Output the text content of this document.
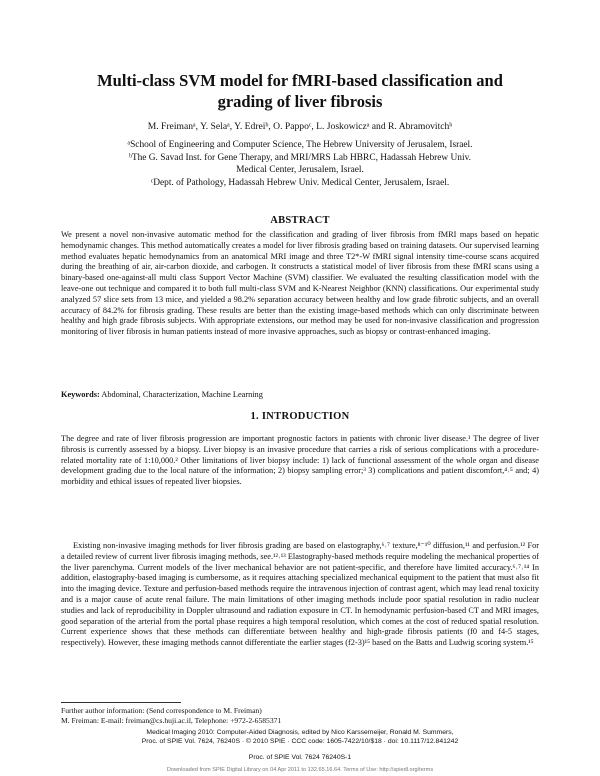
Multi-class SVM model for fMRI-based classification and
grading of liver fibrosis
M. Freimanᵃ, Y. Selaᵃ, Y. Edreiᵇ, O. Pappoᶜ, L. Joskowiczᵃ and R. Abramovitchᵇ
ᵃSchool of Engineering and Computer Science, The Hebrew University of Jerusalem, Israel.
ᵇThe G. Savad Inst. for Gene Therapy, and MRI/MRS Lab HBRC, Hadassah Hebrew Univ.
Medical Center, Jerusalem, Israel.
ᶜDept. of Pathology, Hadassah Hebrew Univ. Medical Center, Jerusalem, Israel.
ABSTRACT

We present a novel non-invasive automatic method for the classification and grading of liver fibrosis from fMRI maps based on hepatic hemodynamic changes. This method automatically creates a model for liver fibrosis grading based on training datasets. Our supervised learning method evaluates hepatic hemodynamics from an anatomical MRI image and three T2*-W fMRI signal intensity time-course scans acquired during the breathing of air, air-carbon dioxide, and carbogen. It constructs a statistical model of liver fibrosis from these fMRI scans using a binary-based one-against-all multi class Support Vector Machine (SVM) classifier. We evaluated the resulting classification model with the leave-one out technique and compared it to both full multi-class SVM and K-Nearest Neighbor (KNN) classifications. Our experimental study analyzed 57 slice sets from 13 mice, and yielded a 98.2% separation accuracy between healthy and low grade fibrotic subjects, and an overall accuracy of 84.2% for fibrosis grading. These results are better than the existing image-based methods which can only discriminate between healthy and high grade fibrosis subjects. With appropriate extensions, our method may be used for non-invasive classification and progression monitoring of liver fibrosis in human patients instead of more invasive approaches, such as biopsy or contrast-enhanced imaging.

Keywords: Abdominal, Characterization, Machine Learning
1. INTRODUCTION

The degree and rate of liver fibrosis progression are important prognostic factors in patients with chronic liver disease.¹ The degree of liver fibrosis is currently assessed by a biopsy. Liver biopsy is an invasive procedure that carries a risk of serious complications with a procedure-related mortality rate of 1:10,000.² Other limitations of liver biopsy include: 1) lack of functional assessment of the whole organ and disease development grading due to the local nature of the information; 2) biopsy sampling error;³ 3) complications and patient discomfort,⁴˒⁵ and; 4) morbidity and ethical issues of repeated liver biopsies.

Existing non-invasive imaging methods for liver fibrosis grading are based on elastography,⁶˒⁷ texture,⁸⁻¹⁰ diffusion,¹¹ and perfusion.¹² For a detailed review of current liver fibrosis imaging methods, see.¹²˒¹³ Elastography-based methods require modeling the mechanical properties of the liver parenchyma. Current models of the liver mechanical behavior are not patient-specific, and therefore have limited accuracy.⁶˒⁷˒¹⁴ In addition, elastography-based imaging is cumbersome, as it requires attaching specialized mechanical equipment to the patient that must also fit into the imaging device. Texture and perfusion-based methods require the intravenous injection of contrast agent, which may lead renal toxicity and is a major cause of acute renal failure. The main limitations of other imaging methods include poor spatial resolution in radio nuclear studies and lack of reproducibility in Doppler ultrasound and radiation exposure in CT. In hemodynamic perfusion-based CT and MRI images, good separation of the arterial from the portal phase requires a high temporal resolution, which comes at the cost of reduced spatial resolution. Current experience shows that these methods can differentiate between healthy and high-grade fibrosis patients (f0 and f4-5 stages, respectively). However, these imaging methods cannot differentiate the earlier stages (f2-3)¹⁵ based on the Batts and Ludwig scoring system.¹⁵

Further author information: (Send correspondence to M. Freiman)
M. Freiman: E-mail: freiman@cs.huji.ac.il, Telephone: +972-2-6585371
Medical Imaging 2010: Computer-Aided Diagnosis, edited by Nico Karssemeijer, Ronald M. Summers,
Proc. of SPIE Vol. 7624, 76240S · © 2010 SPIE · CCC code: 1605-7422/10/$18 · doi: 10.1117/12.841242
Proc. of SPIE Vol. 7624 76240S-1
Downloaded from SPIE Digital Library on 04 Apr 2011 to 132.65.16.64. Terms of Use: http://spiedl.org/terms
